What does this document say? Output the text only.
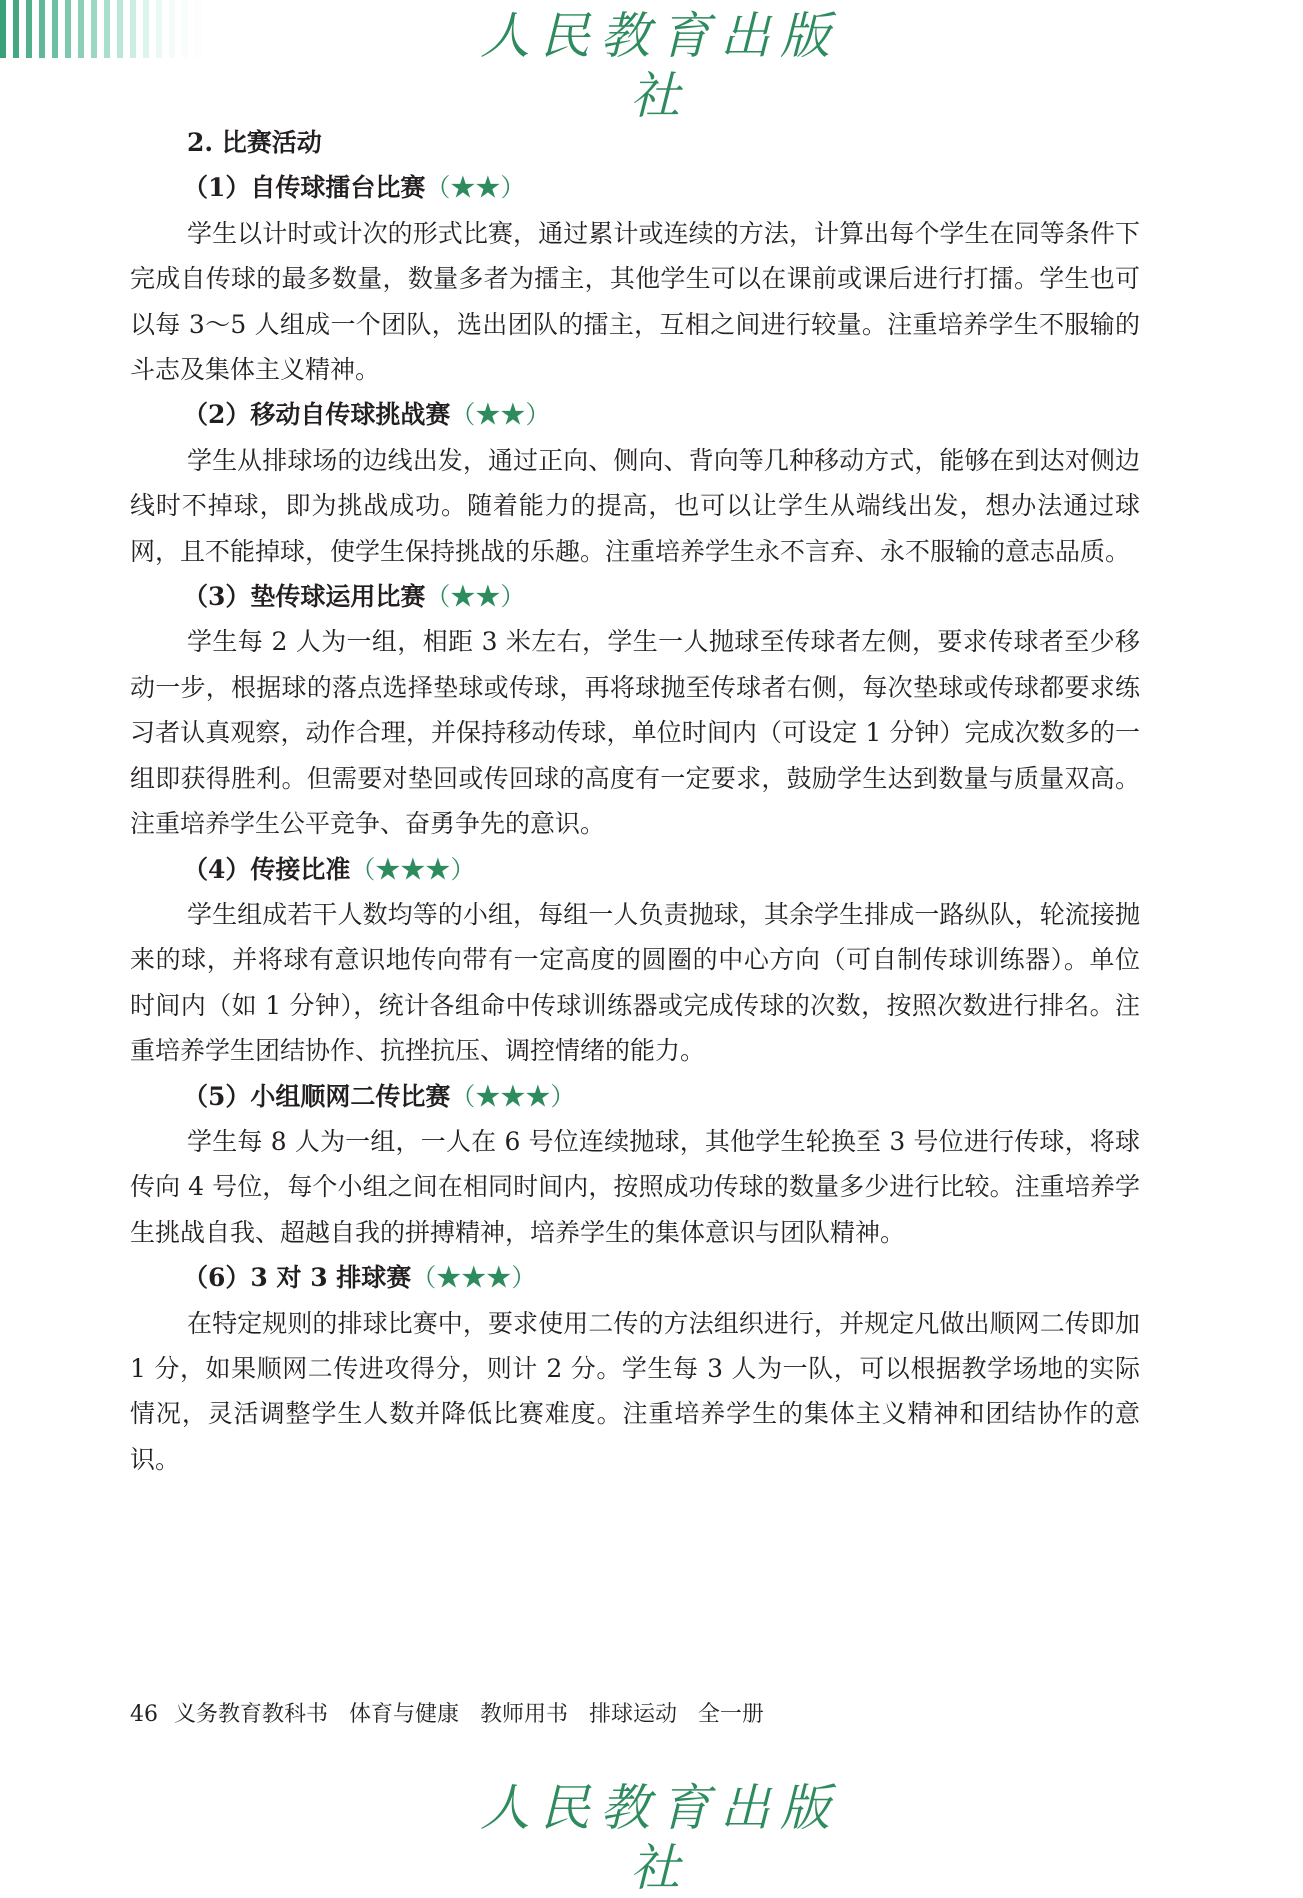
人民教育出版社

2. 比赛活动

（1）自传球擂台比赛（★★）

学生以计时或计次的形式比赛，通过累计或连续的方法，计算出每个学生在同等条件下完成自传球的最多数量，数量多者为擂主，其他学生可以在课前或课后进行打擂。学生也可以每 3～5 人组成一个团队，选出团队的擂主，互相之间进行较量。注重培养学生不服输的斗志及集体主义精神。

（2）移动自传球挑战赛（★★）

学生从排球场的边线出发，通过正向、侧向、背向等几种移动方式，能够在到达对侧边线时不掉球，即为挑战成功。随着能力的提高，也可以让学生从端线出发，想办法通过球网，且不能掉球，使学生保持挑战的乐趣。注重培养学生永不言弃、永不服输的意志品质。

（3）垫传球运用比赛（★★）

学生每 2 人为一组，相距 3 米左右，学生一人抛球至传球者左侧，要求传球者至少移动一步，根据球的落点选择垫球或传球，再将球抛至传球者右侧，每次垫球或传球都要求练习者认真观察，动作合理，并保持移动传球，单位时间内（可设定 1 分钟）完成次数多的一组即获得胜利。但需要对垫回或传回球的高度有一定要求，鼓励学生达到数量与质量双高。注重培养学生公平竞争、奋勇争先的意识。

（4）传接比准（★★★）

学生组成若干人数均等的小组，每组一人负责抛球，其余学生排成一路纵队，轮流接抛来的球，并将球有意识地传向带有一定高度的圆圈的中心方向（可自制传球训练器）。单位时间内（如 1 分钟），统计各组命中传球训练器或完成传球的次数，按照次数进行排名。注重培养学生团结协作、抗挫抗压、调控情绪的能力。

（5）小组顺网二传比赛（★★★）

学生每 8 人为一组，一人在 6 号位连续抛球，其他学生轮换至 3 号位进行传球，将球传向 4 号位，每个小组之间在相同时间内，按照成功传球的数量多少进行比较。注重培养学生挑战自我、超越自我的拼搏精神，培养学生的集体意识与团队精神。

（6）3 对 3 排球赛（★★★）

在特定规则的排球比赛中，要求使用二传的方法组织进行，并规定凡做出顺网二传即加 1 分，如果顺网二传进攻得分，则计 2 分。学生每 3 人为一队，可以根据教学场地的实际情况，灵活调整学生人数并降低比赛难度。注重培养学生的集体主义精神和团结协作的意识。

46 义务教育教科书   体育与健康   教师用书   排球运动   全一册
人民教育出版社
